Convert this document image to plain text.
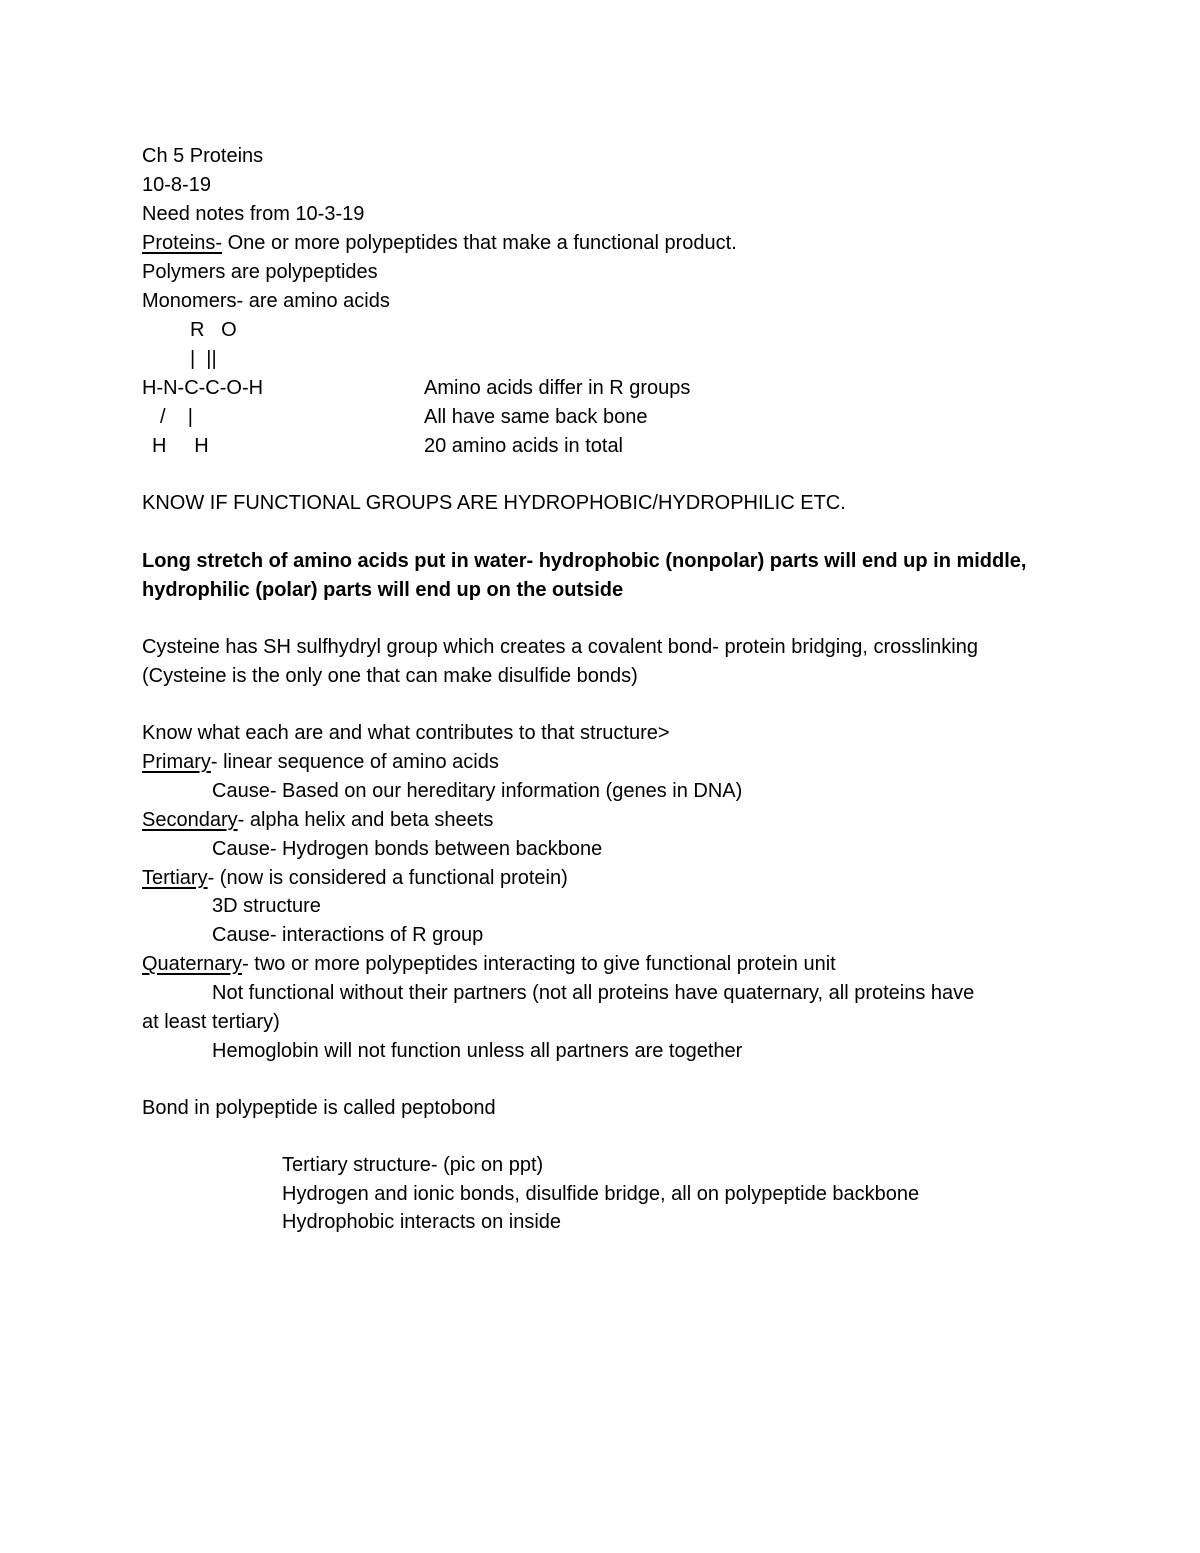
Ch 5 Proteins
10-8-19
Need notes from 10-3-19
Proteins- One or more polypeptides that make a functional product.
Polymers are polypeptides
Monomers- are amino acids
R   O
|  ||
H-N-C-C-O-H
/    |
H     H
Amino acids differ in R groups
All have same back bone
20 amino acids in total
KNOW IF FUNCTIONAL GROUPS ARE HYDROPHOBIC/HYDROPHILIC ETC.
Long stretch of amino acids put in water- hydrophobic (nonpolar) parts will end up in middle,
hydrophilic (polar) parts will end up on the outside
Cysteine has SH sulfhydryl group which creates a covalent bond- protein bridging, crosslinking
(Cysteine is the only one that can make disulfide bonds)
Know what each are and what contributes to that structure>
Primary- linear sequence of amino acids
Cause- Based on our hereditary information (genes in DNA)
Secondary- alpha helix and beta sheets
Cause- Hydrogen bonds between backbone
Tertiary- (now is considered a functional protein)
3D structure
Cause- interactions of R group
Quaternary- two or more polypeptides interacting to give functional protein unit
Not functional without their partners (not all proteins have quaternary, all proteins have
at least tertiary)
Hemoglobin will not function unless all partners are together
Bond in polypeptide is called peptobond
Tertiary structure- (pic on ppt)
Hydrogen and ionic bonds, disulfide bridge, all on polypeptide backbone
Hydrophobic interacts on inside
